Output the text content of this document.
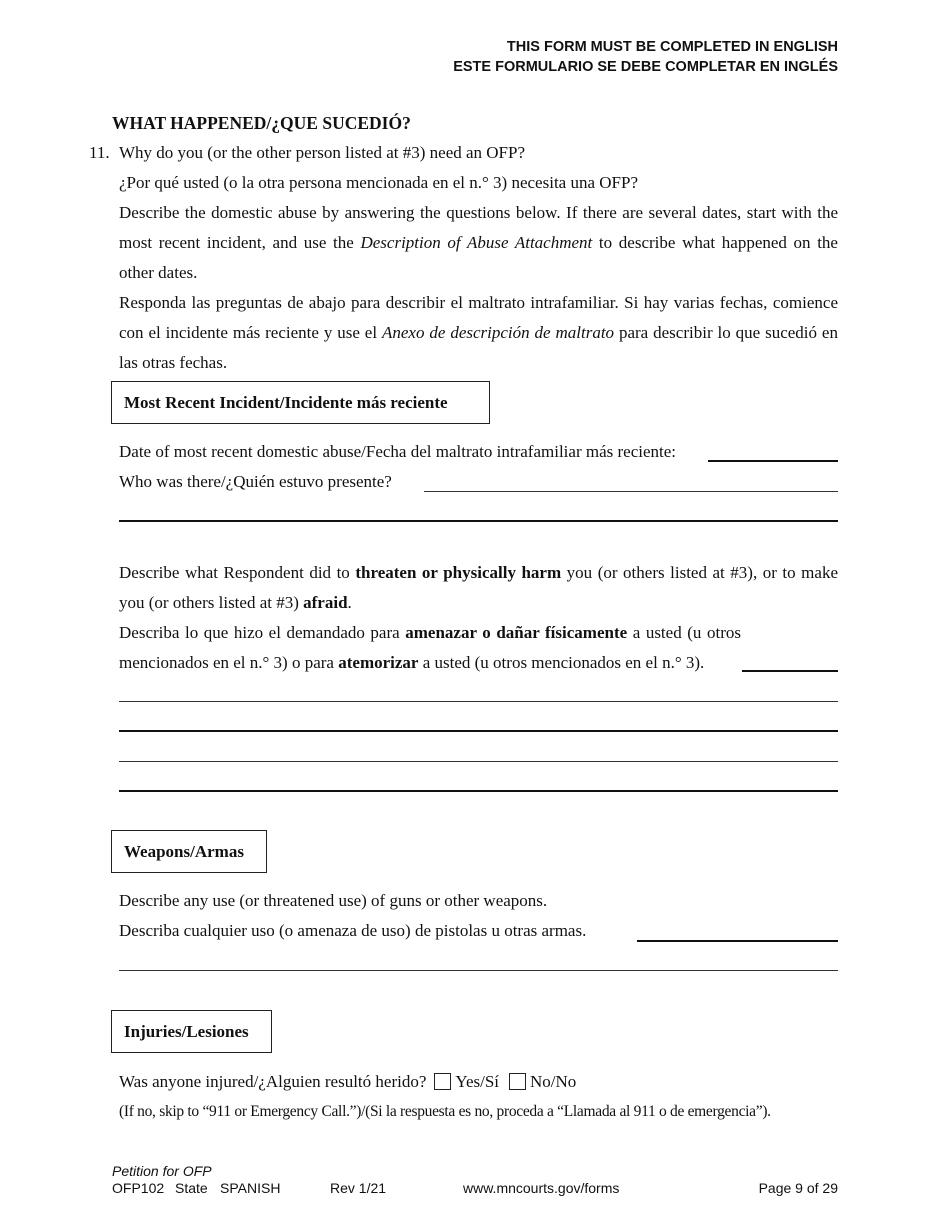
THIS FORM MUST BE COMPLETED IN ENGLISH
ESTE FORMULARIO SE DEBE COMPLETAR EN INGLÉS
WHAT HAPPENED/¿QUE SUCEDIÓ?
11. Why do you (or the other person listed at #3) need an OFP?
¿Por qué usted (o la otra persona mencionada en el n.° 3) necesita una OFP?
Describe the domestic abuse by answering the questions below. If there are several dates, start with the most recent incident, and use the Description of Abuse Attachment to describe what happened on the other dates.
Responda las preguntas de abajo para describir el maltrato intrafamiliar. Si hay varias fechas, comience con el incidente más reciente y use el Anexo de descripción de maltrato para describir lo que sucedió en las otras fechas.
Most Recent Incident/Incidente más reciente
Date of most recent domestic abuse/Fecha del maltrato intrafamiliar más reciente:
Who was there/¿Quién estuvo presente?
Describe what Respondent did to threaten or physically harm you (or others listed at #3), or to make you (or others listed at #3) afraid.
Describa lo que hizo el demandado para amenazar o dañar físicamente a usted (u otros mencionados en el n.° 3) o para atemorizar a usted (u otros mencionados en el n.° 3).
Weapons/Armas
Describe any use (or threatened use) of guns or other weapons.
Describa cualquier uso (o amenaza de uso) de pistolas u otras armas.
Injuries/Lesiones
Was anyone injured/¿Alguien resultó herido? Yes/Sí No/No
(If no, skip to “911 or Emergency Call.”)/(Si la respuesta es no, proceda a “Llamada al 911 o de emergencia”).
Petition for OFP
OFP102 State SPANISH	Rev 1/21	www.mncourts.gov/forms	Page 9 of 29
